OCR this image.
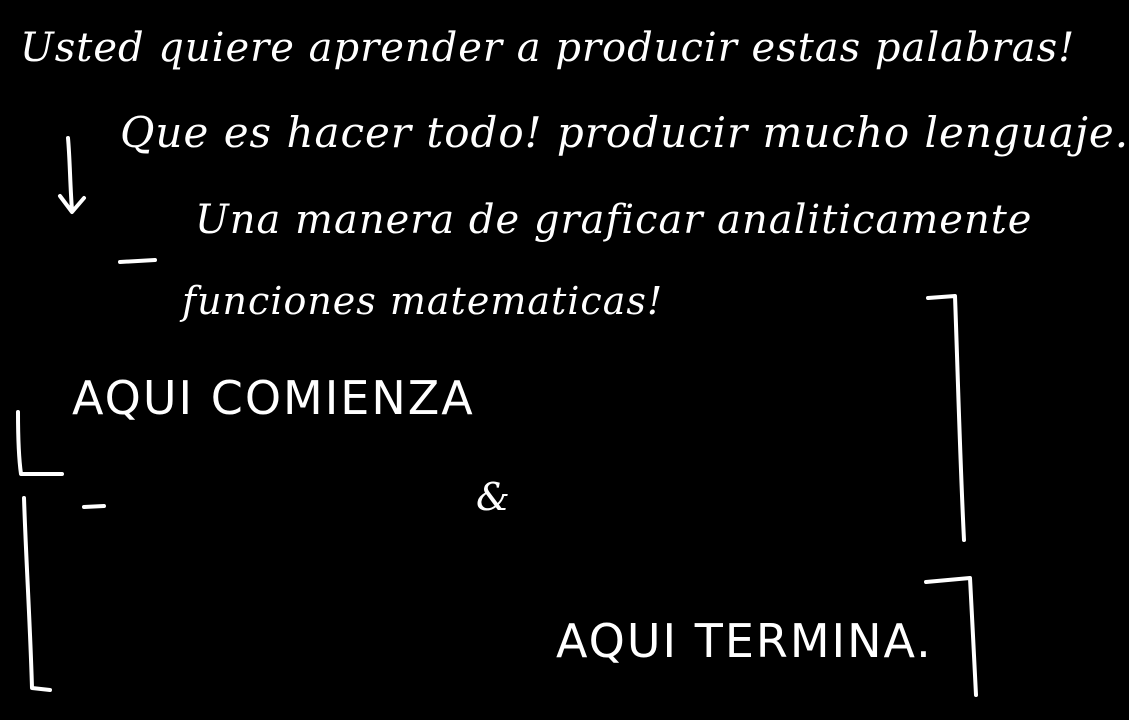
Usted quiere aprender a producir estas palabras!
Que es hacer todo! producir mucho lenguaje.
Una manera de graficar analiticamente
funciones matematicas!
AQUI COMIENZA
&
AQUI TERMINA.
